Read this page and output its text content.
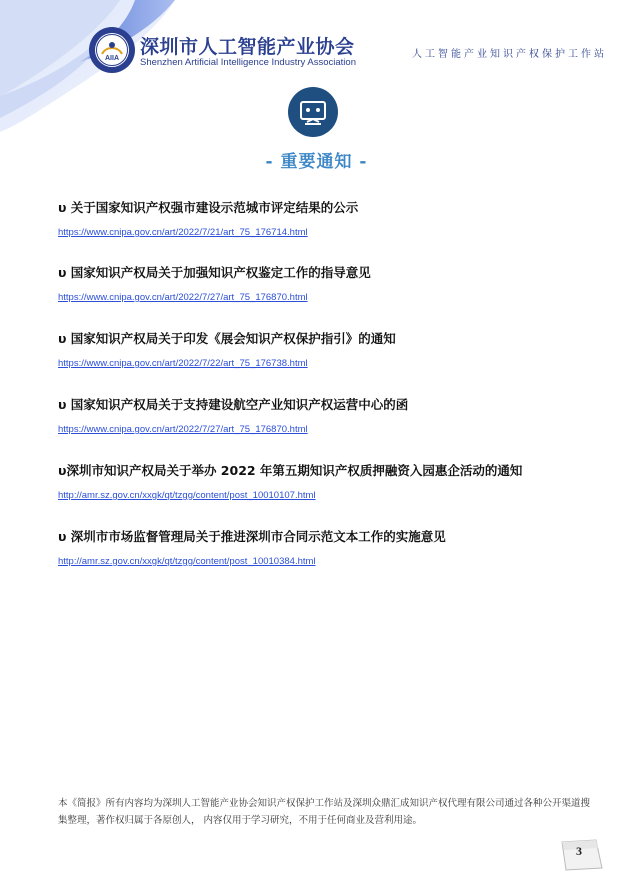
AIIA
深圳市人工智能产业协会
Shenzhen Artificial Intelligence Industry Association
人工智能产业知识产权保护工作站
- 重要通知 -
υ 关于国家知识产权强市建设示范城市评定结果的公示
https://www.cnipa.gov.cn/art/2022/7/21/art_75_176714.html
υ 国家知识产权局关于加强知识产权鉴定工作的指导意见
https://www.cnipa.gov.cn/art/2022/7/27/art_75_176870.html
υ 国家知识产权局关于印发《展会知识产权保护指引》的通知
https://www.cnipa.gov.cn/art/2022/7/22/art_75_176738.html
υ 国家知识产权局关于支持建设航空产业知识产权运营中心的函
https://www.cnipa.gov.cn/art/2022/7/27/art_75_176870.html
υ深圳市知识产权局关于举办 2022 年第五期知识产权质押融资入园惠企活动的通知
http://amr.sz.gov.cn/xxgk/qt/tzgg/content/post_10010107.html
υ 深圳市市场监督管理局关于推进深圳市合同示范文本工作的实施意见
http://amr.sz.gov.cn/xxgk/qt/tzgg/content/post_10010384.html
本《简报》所有内容均为深圳人工智能产业协会知识产权保护工作站及深圳众鼎汇成知识产权代理有限公司通过各种公开渠道搜集整理，著作权归属于各原创人， 内容仅用于学习研究，不用于任何商业及营利用途。
3
